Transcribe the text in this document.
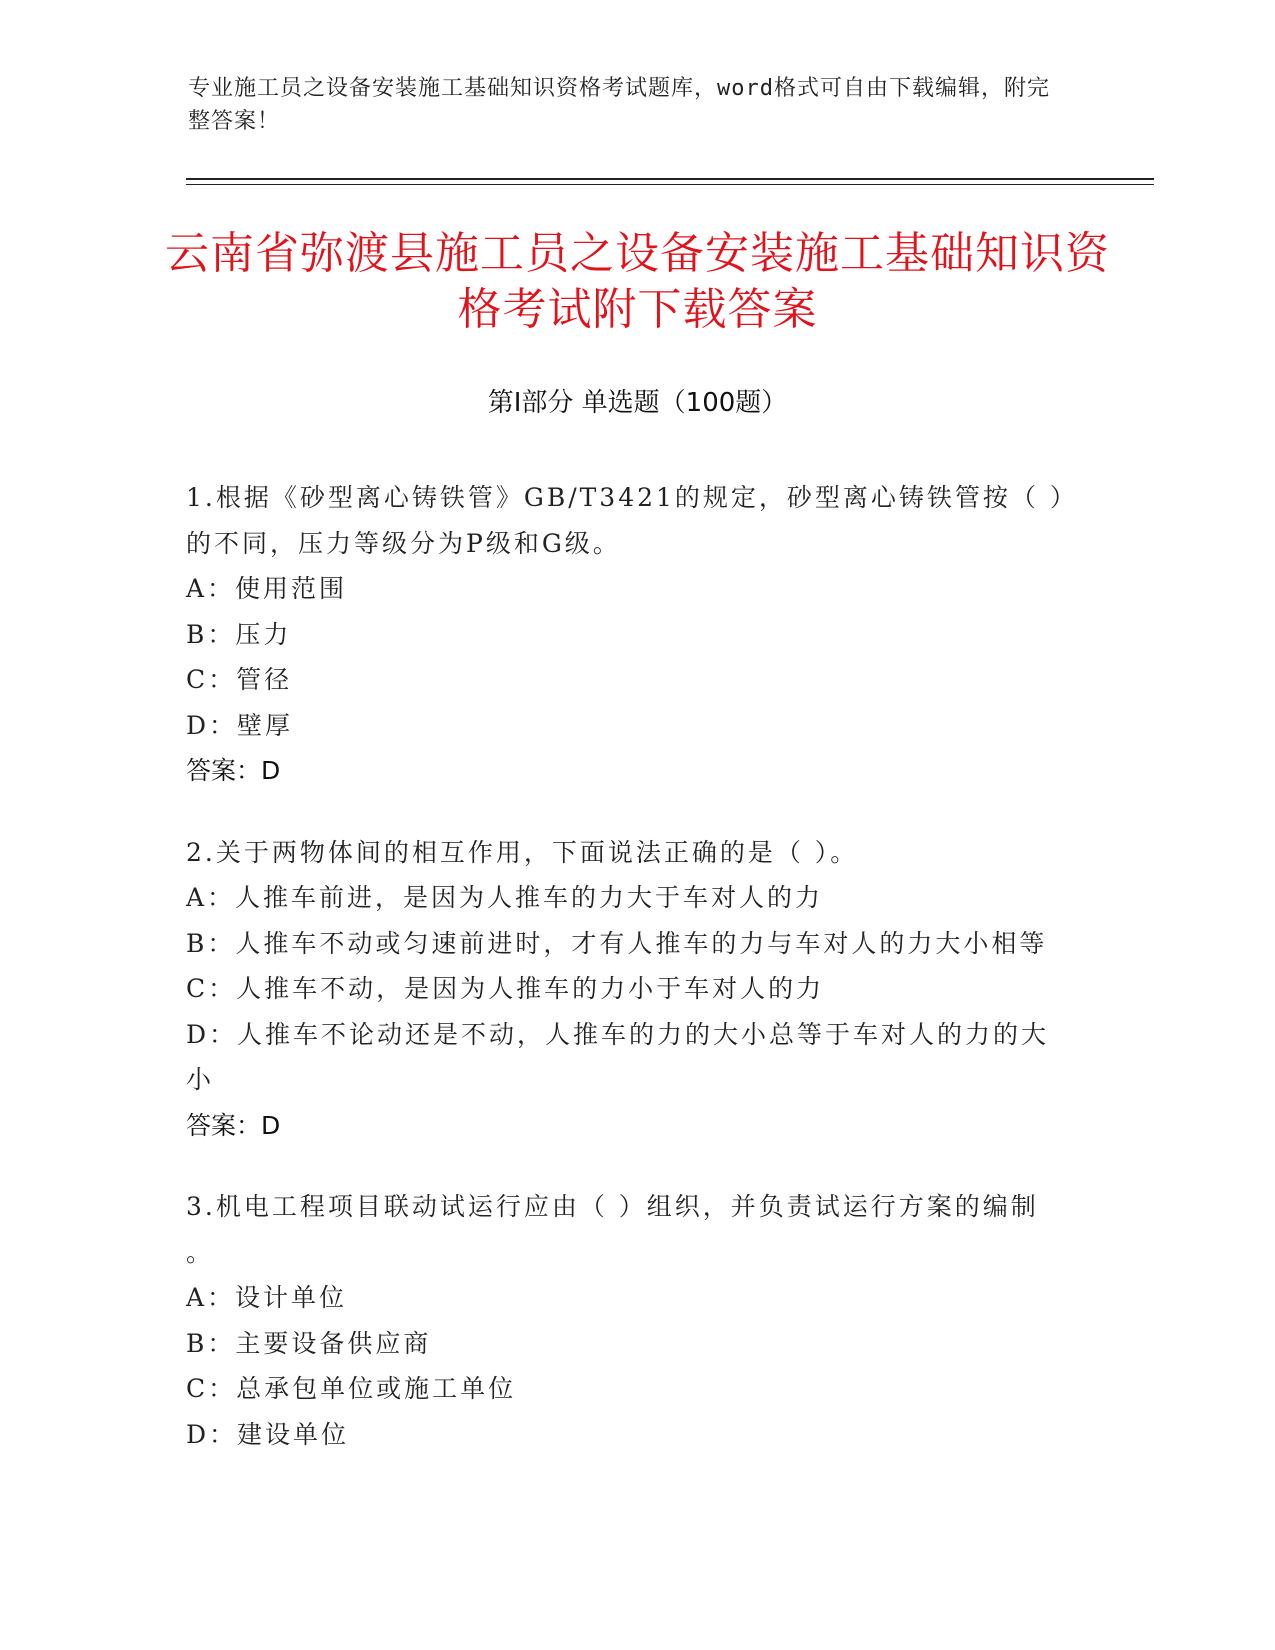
专业施工员之设备安装施工基础知识资格考试题库，word格式可自由下载编辑，附完整答案！
云南省弥渡县施工员之设备安装施工基础知识资格考试附下载答案
第Ⅰ部分 单选题（100题）
1.根据《砂型离心铸铁管》GB/T3421的规定，砂型离心铸铁管按（ ）
的不同，压力等级分为P级和G级。
A：使用范围
B：压力
C：管径
D：壁厚
答案：D
2.关于两物体间的相互作用，下面说法正确的是（ ）。
A：人推车前进，是因为人推车的力大于车对人的力
B：人推车不动或匀速前进时，才有人推车的力与车对人的力大小相等
C：人推车不动，是因为人推车的力小于车对人的力
D：人推车不论动还是不动，人推车的力的大小总等于车对人的力的大
小
答案：D
3.机电工程项目联动试运行应由（ ）组织，并负责试运行方案的编制
。
A：设计单位
B：主要设备供应商
C：总承包单位或施工单位
D：建设单位
